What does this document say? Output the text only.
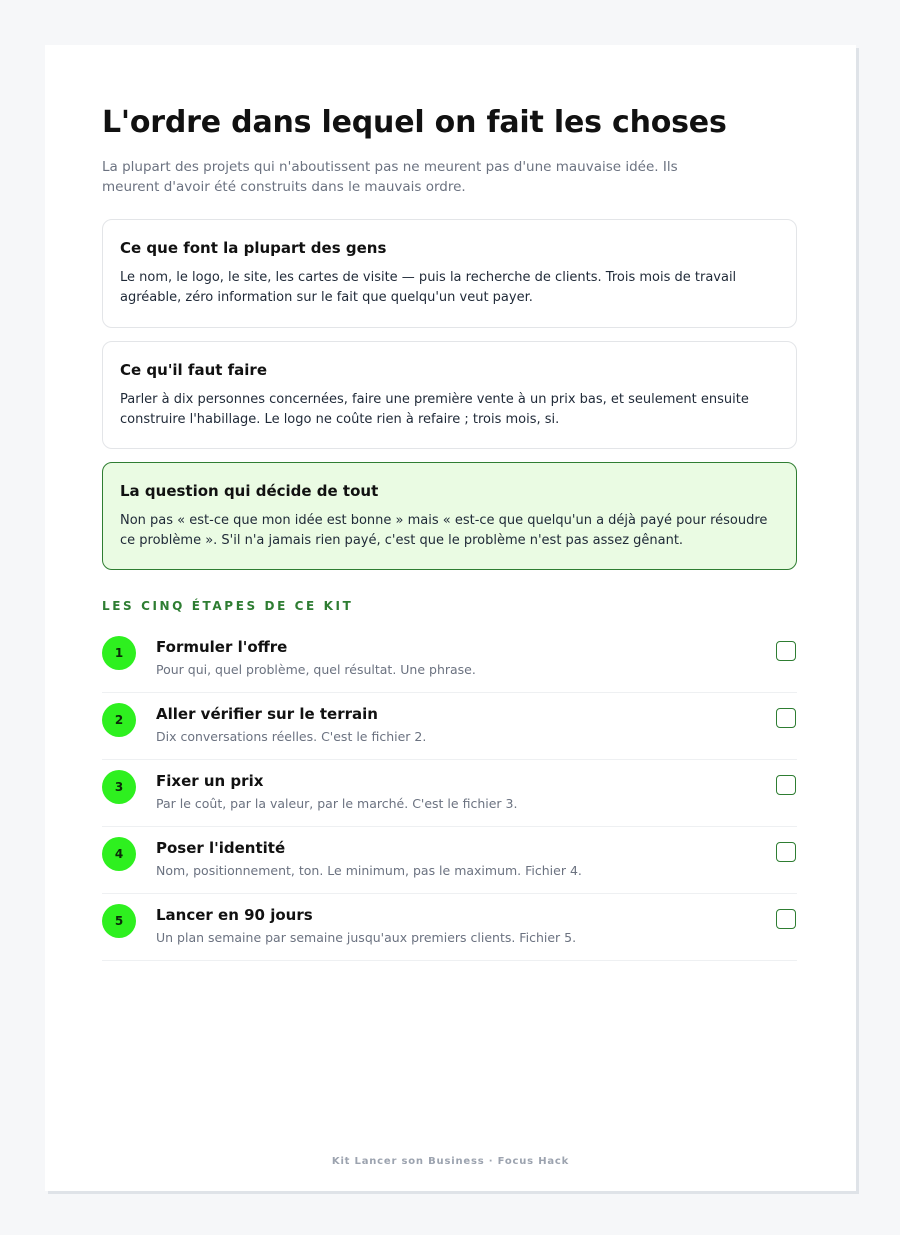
L'ordre dans lequel on fait les choses

La plupart des projets qui n'aboutissent pas ne meurent pas d'une mauvaise idée. Ils meurent d'avoir été construits dans le mauvais ordre.

Ce que font la plupart des gens

Le nom, le logo, le site, les cartes de visite — puis la recherche de clients. Trois mois de travail agréable, zéro information sur le fait que quelqu'un veut payer.

Ce qu'il faut faire

Parler à dix personnes concernées, faire une première vente à un prix bas, et seulement ensuite construire l'habillage. Le logo ne coûte rien à refaire ; trois mois, si.

La question qui décide de tout

Non pas « est-ce que mon idée est bonne » mais « est-ce que quelqu'un a déjà payé pour résoudre ce problème ». S'il n'a jamais rien payé, c'est que le problème n'est pas assez gênant.

LES CINQ ÉTAPES DE CE KIT
1	Formuler l'offre
Pour qui, quel problème, quel résultat. Une phrase.
2	Aller vérifier sur le terrain
Dix conversations réelles. C'est le fichier 2.
3	Fixer un prix
Par le coût, par la valeur, par le marché. C'est le fichier 3.
4	Poser l'identité
Nom, positionnement, ton. Le minimum, pas le maximum. Fichier 4.
5	Lancer en 90 jours
Un plan semaine par semaine jusqu'aux premiers clients. Fichier 5.
Kit Lancer son Business · Focus Hack
